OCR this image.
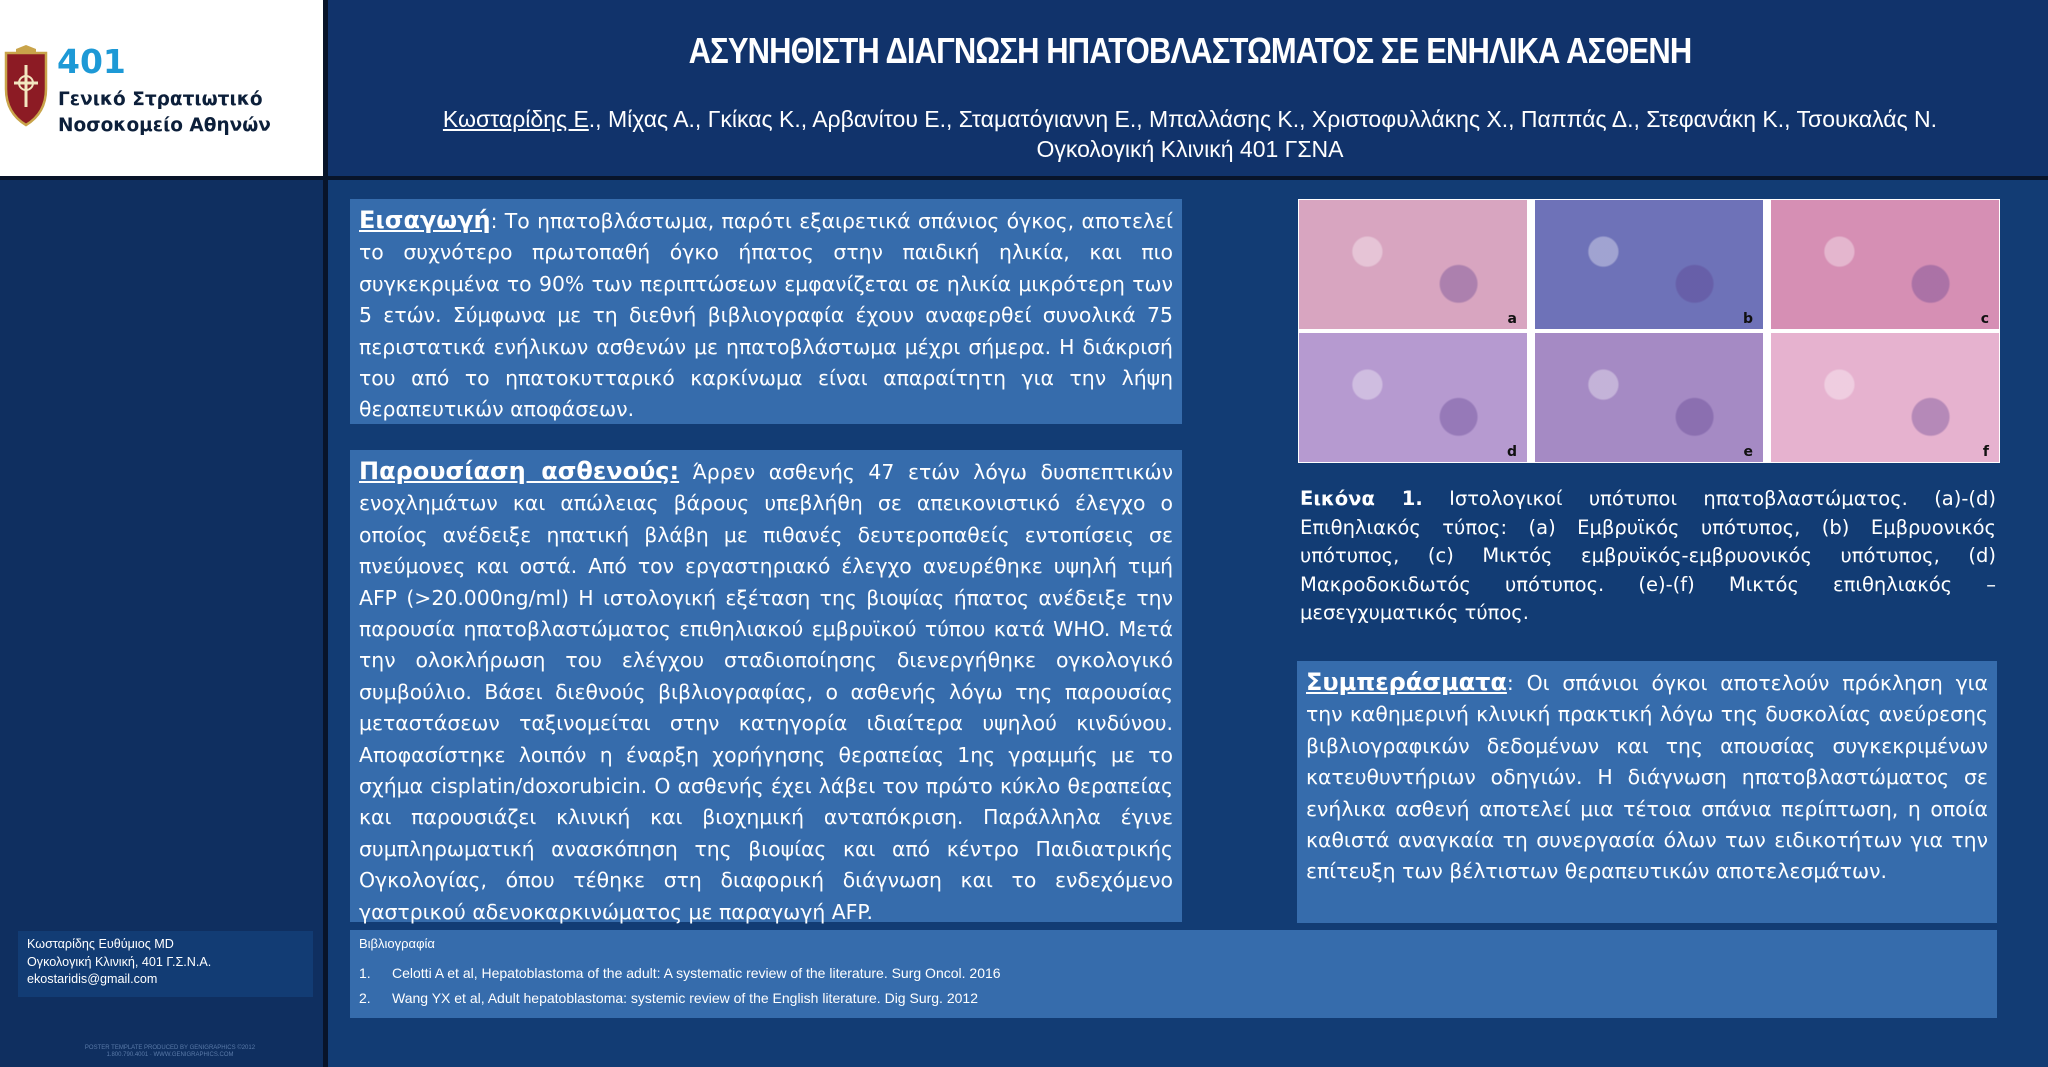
401
Γενικό Στρατιωτικό Νοσοκομείο Αθηνών
ΑΣΥΝΗΘΙΣΤΗ ΔΙΑΓΝΩΣΗ ΗΠΑΤΟΒΛΑΣΤΩΜΑΤΟΣ ΣΕ ΕΝΗΛΙΚΑ ΑΣΘΕΝΗ
Κωσταρίδης Ε., Μίχας Α., Γκίκας Κ., Αρβανίτου Ε., Σταματόγιαννη Ε., Μπαλλάσης Κ., Χριστοφυλλάκης Χ., Παππάς Δ., Στεφανάκη Κ., Τσουκαλάς Ν.
Ογκολογική Κλινική 401 ΓΣΝΑ
Εισαγωγή: Το ηπατοβλάστωμα, παρότι εξαιρετικά σπάνιος όγκος, αποτελεί το συχνότερο πρωτοπαθή όγκο ήπατος στην παιδική ηλικία, και πιο συγκεκριμένα το 90% των περιπτώσεων εμφανίζεται σε ηλικία μικρότερη των 5 ετών. Σύμφωνα με τη διεθνή βιβλιογραφία έχουν αναφερθεί συνολικά 75 περιστατικά ενήλικων ασθενών με ηπατοβλάστωμα μέχρι σήμερα. Η διάκρισή του από το ηπατοκυτταρικό καρκίνωμα είναι απαραίτητη για την λήψη θεραπευτικών αποφάσεων.
Παρουσίαση ασθενούς: Άρρεν ασθενής 47 ετών λόγω δυσπεπτικών ενοχλημάτων και απώλειας βάρους υπεβλήθη σε απεικονιστικό έλεγχο ο οποίος ανέδειξε ηπατική βλάβη με πιθανές δευτεροπαθείς εντοπίσεις σε πνεύμονες και οστά. Από τον εργαστηριακό έλεγχο ανευρέθηκε υψηλή τιμή AFP (>20.000ng/ml) Η ιστολογική εξέταση της βιοψίας ήπατος ανέδειξε την παρουσία ηπατοβλαστώματος επιθηλιακού εμβρυϊκού τύπου κατά WHO. Μετά την ολοκλήρωση του ελέγχου σταδιοποίησης διενεργήθηκε ογκολογικό συμβούλιο. Βάσει διεθνούς βιβλιογραφίας, ο ασθενής λόγω της παρουσίας μεταστάσεων ταξινομείται στην κατηγορία ιδιαίτερα υψηλού κινδύνου. Αποφασίστηκε λοιπόν η έναρξη χορήγησης θεραπείας 1ης γραμμής με το σχήμα cisplatin/doxorubicin. Ο ασθενής έχει λάβει τον πρώτο κύκλο θεραπείας και παρουσιάζει κλινική και βιοχημική ανταπόκριση. Παράλληλα έγινε συμπληρωματική ανασκόπηση της βιοψίας και από κέντρο Παιδιατρικής Ογκολογίας, όπου τέθηκε στη διαφορική διάγνωση και το ενδεχόμενο γαστρικού αδενοκαρκινώματος με παραγωγή AFP.
a	b	c
d	e	f
Εικόνα 1. Ιστολογικοί υπότυποι ηπατοβλαστώματος. (a)-(d) Επιθηλιακός τύπος: (a) Εμβρυϊκός υπότυπος, (b) Εμβρυονικός υπότυπος, (c) Μικτός εμβρυϊκός-εμβρυονικός υπότυπος, (d) Μακροδοκιδωτός υπότυπος. (e)-(f) Μικτός επιθηλιακός – μεσεγχυματικός τύπος.
Συμπεράσματα: Οι σπάνιοι όγκοι αποτελούν πρόκληση για την καθημερινή κλινική πρακτική λόγω της δυσκολίας ανεύρεσης βιβλιογραφικών δεδομένων και της απουσίας συγκεκριμένων κατευθυντήριων οδηγιών. Η διάγνωση ηπατοβλαστώματος σε ενήλικα ασθενή αποτελεί μια τέτοια σπάνια περίπτωση, η οποία καθιστά αναγκαία τη συνεργασία όλων των ειδικοτήτων για την επίτευξη των βέλτιστων θεραπευτικών αποτελεσμάτων.
Βιβλιογραφία
1. Celotti A et al, Hepatoblastoma of the adult: A systematic review of the literature. Surg Oncol. 2016
2. Wang YX et al, Adult hepatoblastoma: systemic review of the English literature. Dig Surg. 2012
Κωσταρίδης Ευθύμιος MD
Ογκολογική Κλινική, 401 Γ.Σ.Ν.Α.
ekostaridis@gmail.com
POSTER TEMPLATE PRODUCED BY GENIGRAPHICS ©2012
1.800.790.4001 · WWW.GENIGRAPHICS.COM
